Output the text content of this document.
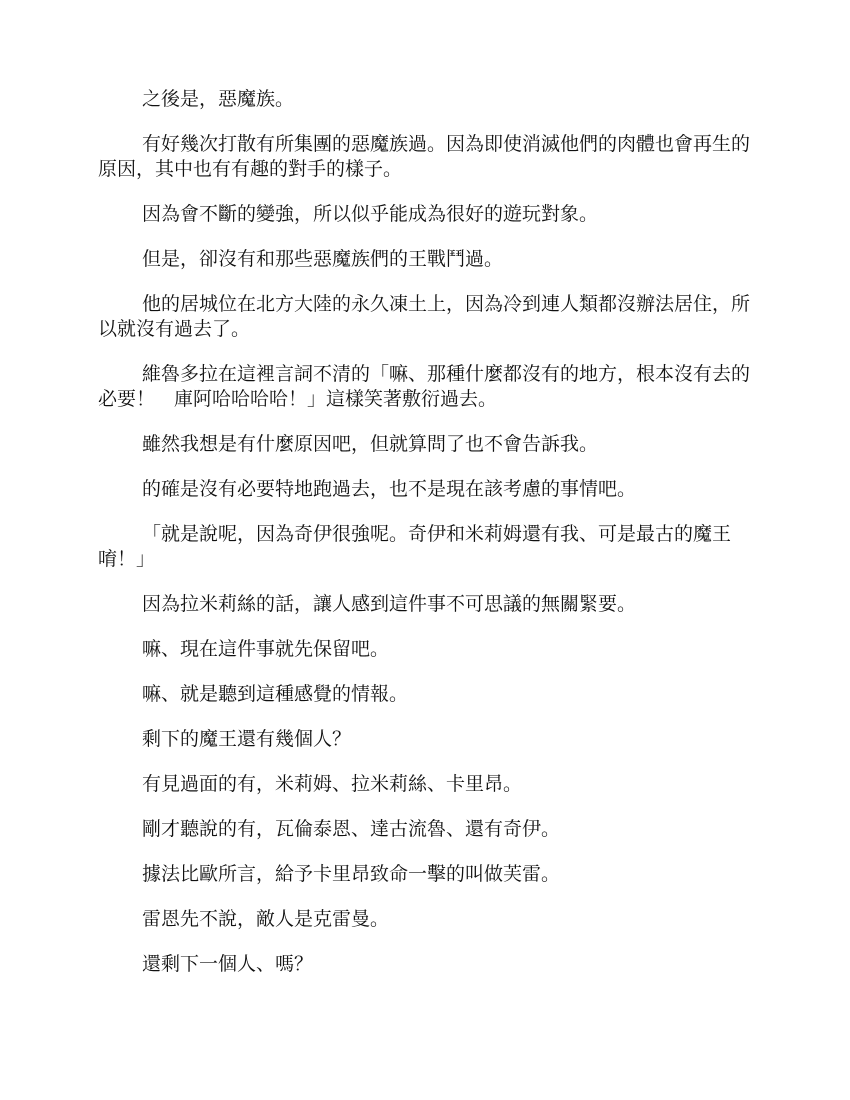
之後是，惡魔族。

有好幾次打散有所集團的惡魔族過。因為即使消滅他們的肉體也會再生的原因，其中也有有趣的對手的樣子。

因為會不斷的變強，所以似乎能成為很好的遊玩對象。

但是，卻沒有和那些惡魔族們的王戰鬥過。

他的居城位在北方大陸的永久凍土上，因為冷到連人類都沒辦法居住，所以就沒有過去了。

維魯多拉在這裡言詞不清的「嘛、那種什麼都沒有的地方，根本沒有去的必要！　庫阿哈哈哈哈！」這樣笑著敷衍過去。

雖然我想是有什麼原因吧，但就算問了也不會告訴我。

的確是沒有必要特地跑過去，也不是現在該考慮的事情吧。

「就是說呢，因為奇伊很強呢。奇伊和米莉姆還有我、可是最古的魔王唷！」

因為拉米莉絲的話，讓人感到這件事不可思議的無關緊要。

嘛、現在這件事就先保留吧。

嘛、就是聽到這種感覺的情報。

剩下的魔王還有幾個人？

有見過面的有，米莉姆、拉米莉絲、卡里昂。

剛才聽說的有，瓦倫泰恩、達古流魯、還有奇伊。

據法比歐所言，給予卡里昂致命一擊的叫做芙雷。

雷恩先不說，敵人是克雷曼。

還剩下一個人、嗎？
